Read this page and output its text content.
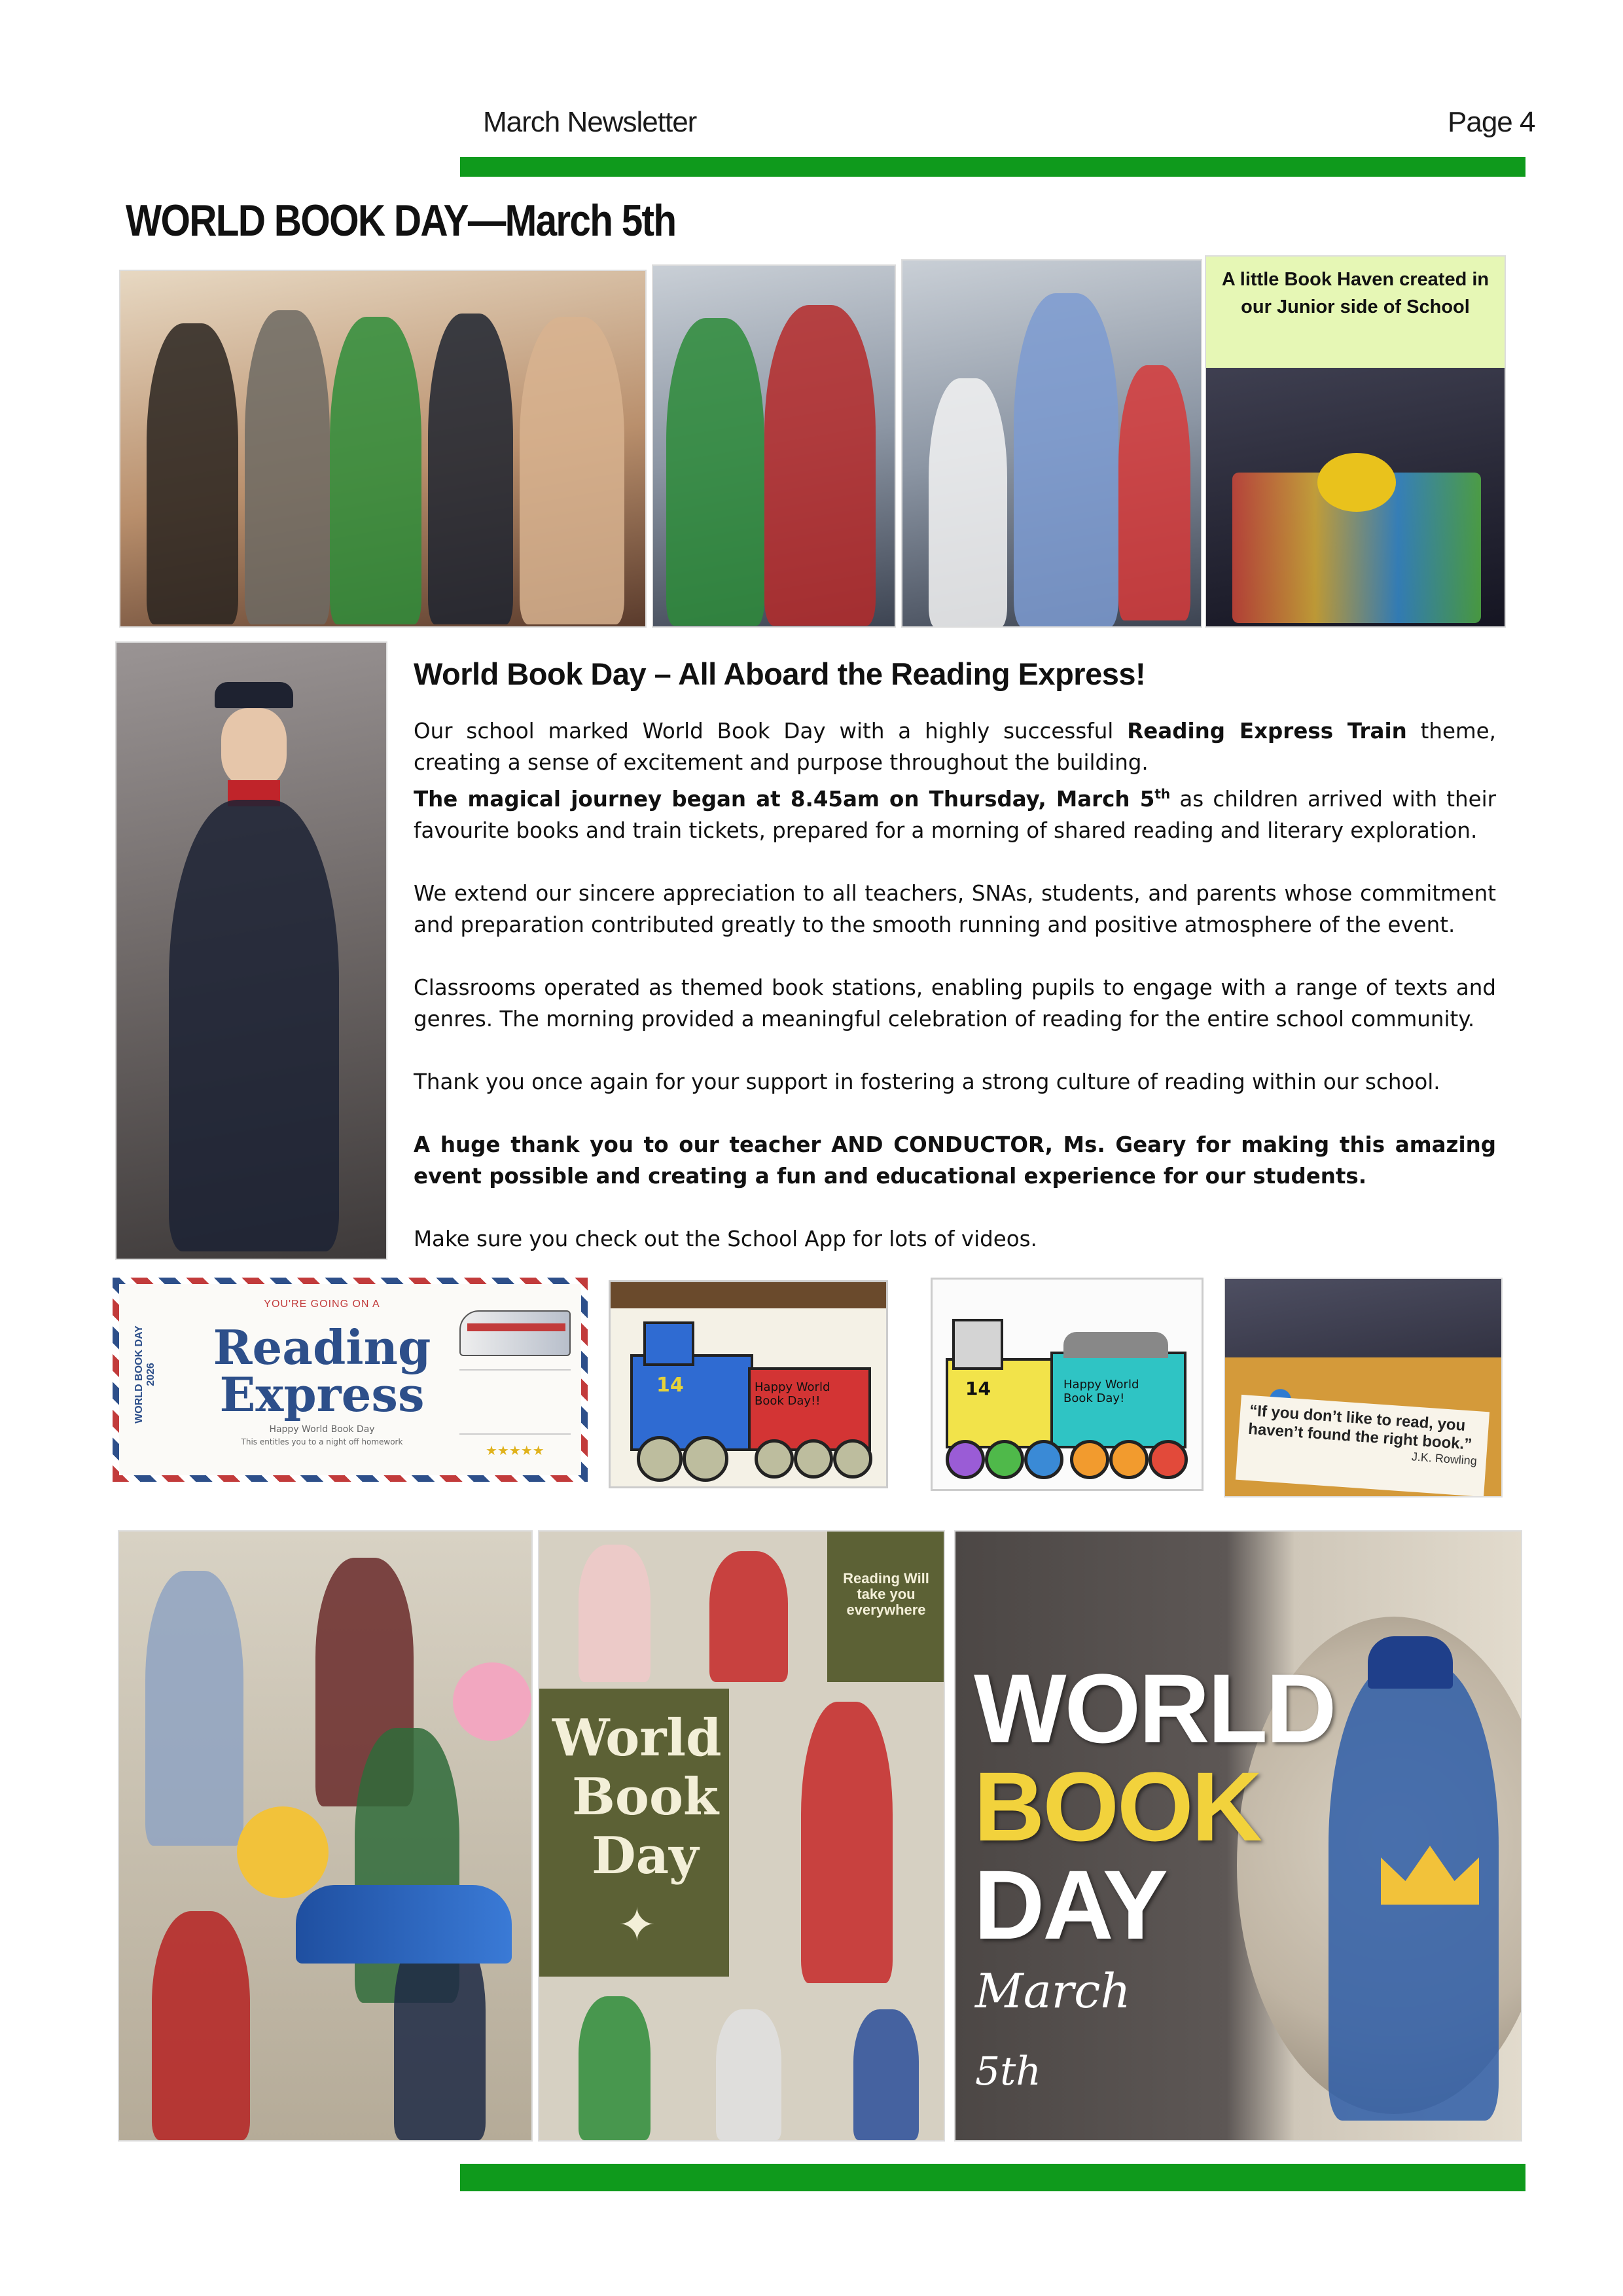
March Newsletter	Page 4
WORLD BOOK DAY—March 5th
A little Book Haven created in our Junior side of School
World Book Day – All Aboard the Reading Express!

Our school marked World Book Day with a highly successful Reading Express Train theme, creating a sense of excitement and purpose throughout the building.
The magical journey began at 8.45am on Thursday, March 5th as children arrived with their favourite books and train tickets, prepared for a morning of shared reading and literary exploration.

We extend our sincere appreciation to all teachers, SNAs, students, and parents whose commitment and preparation contributed greatly to the smooth running and positive atmosphere of the event.

Classrooms operated as themed book stations, enabling pupils to engage with a range of texts and genres. The morning provided a meaningful celebration of reading for the entire school community.

Thank you once again for your support in fostering a strong culture of reading within our school.

A huge thank you to our teacher AND CONDUCTOR, Ms. Geary for making this amazing event possible and creating a fun and educational experience for our students.

Make sure you check out the School App for lots of videos.

WORLD BOOK DAY 2026
YOU'RE GOING ON A
Reading
Express
Happy World Book Day
This entitles you to a night off homework
★★★★★
14	Happy World Book Day!!
14	Happy World Book Day!
“If you don’t like to read, you haven’t found the right book.”
J.K. Rowling
Reading Will take you everywhere
World
Book
Day
✦
WORLD
BOOK
DAY
March
5th
